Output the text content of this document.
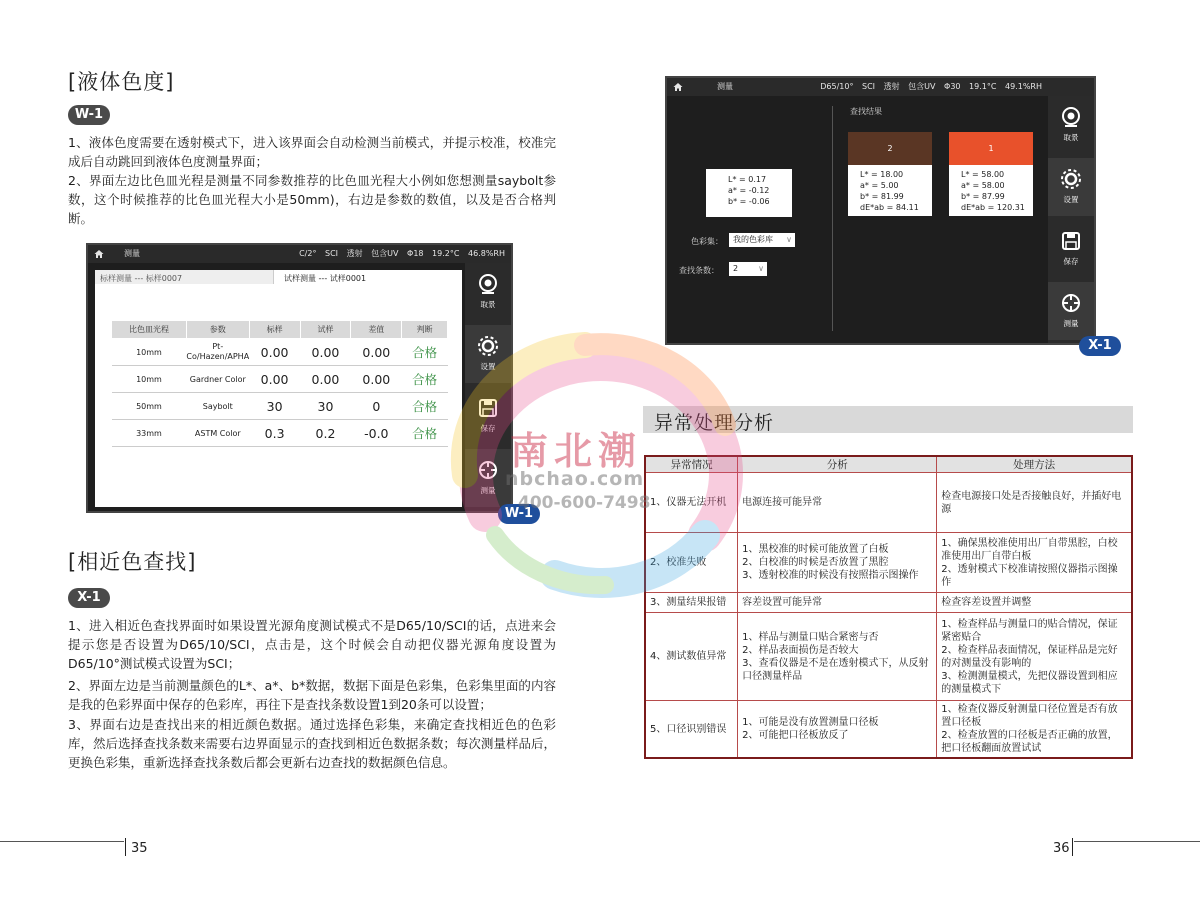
[液体色度]
W-1
1、液体色度需要在透射模式下，进入该界面会自动检测当前模式，并提示校准，校准完成后自动跳回到液体色度测量界面；
2、界面左边比色皿光程是测量不同参数推荐的比色皿光程大小例如您想测量saybolt参数，这个时候推荐的比色皿光程大小是50mm)，右边是参数的数值，以及是否合格判断。
测量	C/2° SCI 透射 包含UV Φ18 19.2°C 46.8%RH
标样测量 --- 标样0007	试样测量 --- 试样0001
比色皿光程	参数	标样	试样	差值	判断
10mm	Pt-Co/Hazen/APHA	0.00	0.00	0.00	合格
10mm	Gardner Color	0.00	0.00	0.00	合格
50mm	Saybolt	30	30	0	合格
33mm	ASTM Color	0.3	0.2	-0.0	合格
取景
设置
保存
测量
W-1
[相近色查找]
X-1
1、进入相近色查找界面时如果设置光源角度测试模式不是D65/10/SCI的话，点进来会提示您是否设置为D65/10/SCI，点击是，这个时候会自动把仪器光源角度设置为D65/10°测试模式设置为SCI；
2、界面左边是当前测量颜色的L*、a*、b*数据，数据下面是色彩集，色彩集里面的内容是我的色彩界面中保存的色彩库，再往下是查找条数设置1到20条可以设置；
3、界面右边是查找出来的相近颜色数据。通过选择色彩集，来确定查找相近色的色彩库，然后选择查找条数来需要右边界面显示的查找到相近色数据条数；每次测量样品后，更换色彩集，重新选择查找条数后都会更新右边查找的数据颜色信息。
测量	D65/10° SCI 透射 包含UV Φ30 19.1°C 49.1%RH
查找结果
L* = 0.17
a* = -0.12
b* = -0.06
色彩集：	我的色彩库 ∨
查找条数：	2	∨
2
L* = 18.00
a* = 5.00
b* = 81.99
dE*ab = 84.11
1
L* = 58.00
a* = 58.00
b* = 87.99
dE*ab = 120.31
取景
设置
保存
测量
X-1
异常处理分析
异常情况	分析	处理方法
1、仪器无法开机	电源连接可能异常	检查电源接口处是否接触良好，并插好电源

2、校准失败	1、黑校准的时候可能放置了白板
2、白校准的时候是否放置了黑腔
3、透射校准的时候没有按照指示图操作	1、确保黑校准使用出厂自带黑腔，白校准使用出厂自带白板
2、透射模式下校准请按照仪器指示图操作

3、测量结果报错	容差设置可能异常	检查容差设置并调整

4、测试数值异常	1、样品与测量口贴合紧密与否
2、样品表面损伤是否较大
3、查看仪器是不是在透射模式下，从反射口径测量样品	1、检查样品与测量口的贴合情况，保证紧密贴合
2、检查样品表面情况，保证样品是完好的对测量没有影响的
3、检测测量模式，先把仪器设置到相应的测量模式下

5、口径识别错误	1、可能是没有放置测量口径板
2、可能把口径板放反了	1、检查仪器反射测量口径位置是否有放置口径板
2、检查放置的口径板是否正确的放置，把口径板翻面放置试试
35	36
南北潮
nbchao.com
400-600-7498
